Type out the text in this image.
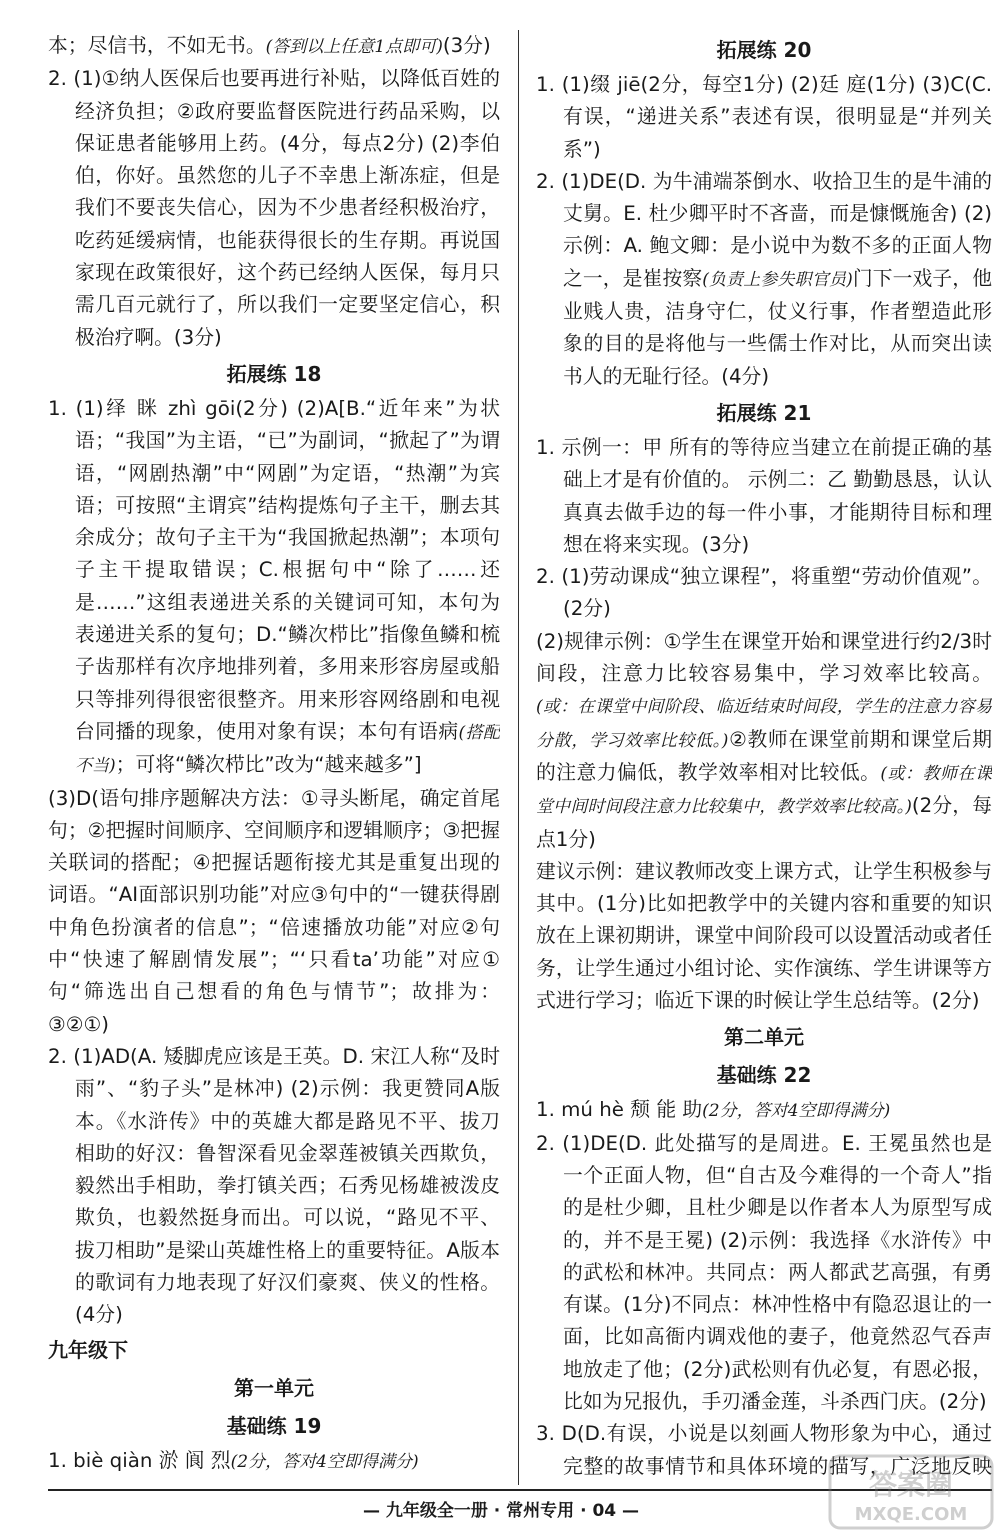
本；尽信书，不如无书。(答到以上任意1点即可)(3分)
2. (1)①纳人医保后也要再进行补贴，以降低百姓的经济负担；②政府要监督医院进行药品采购，以保证患者能够用上药。(4分，每点2分) (2)李伯伯，你好。虽然您的儿子不幸患上渐冻症，但是我们不要丧失信心，因为不少患者经积极治疗，吃药延缓病情，也能获得很长的生存期。再说国家现在政策很好，这个药已经纳人医保，每月只需几百元就行了，所以我们一定要坚定信心，积极治疗啊。(3分)
拓展练 18
1. (1)绎 眯 zhì gōi(2分) (2)A[B.“近年来”为状语；“我国”为主语，“已”为副词，“掀起了”为谓语，“网剧热潮”中“网剧”为定语，“热潮”为宾语；可按照“主谓宾”结构提炼句子主干，删去其余成分；故句子主干为“我国掀起热潮”；本项句子主干提取错误；C.根据句中“除了……还是……”这组表递进关系的关键词可知，本句为表递进关系的复句；D.“鳞次栉比”指像鱼鳞和梳子齿那样有次序地排列着，多用来形容房屋或船只等排列得很密很整齐。用来形容网络剧和电视台同播的现象，使用对象有误；本句有语病(搭配不当)；可将“鳞次栉比”改为“越来越多”]
(3)D(语句排序题解决方法：①寻头断尾，确定首尾句；②把握时间顺序、空间顺序和逻辑顺序；③把握关联词的搭配；④把握话题衔接尤其是重复出现的词语。“AI面部识别功能”对应③句中的“一键获得剧中角色扮演者的信息”；“倍速播放功能”对应②句中“快速了解剧情发展”；“‘只看ta’功能”对应①句“筛选出自己想看的角色与情节”；故排为：③②①)
2. (1)AD(A. 矮脚虎应该是王英。D. 宋江人称“及时雨”、“豹子头”是林冲) (2)示例：我更赞同A版本。《水浒传》中的英雄大都是路见不平、拔刀相助的好汉：鲁智深看见金翠莲被镇关西欺负，毅然出手相助，拳打镇关西；石秀见杨雄被泼皮欺负，也毅然挺身而出。可以说，“路见不平、拔刀相助”是梁山英雄性格上的重要特征。A版本的歌词有力地表现了好汉们豪爽、侠义的性格。(4分)
九年级下
第一单元
基础练 19
1. biè qiàn 淤 阆 烈(2分，答对4空即得满分)
拓展练 20
1. (1)缀 jiē(2分，每空1分) (2)廷 庭(1分) (3)C(C. 有误，“递进关系”表述有误，很明显是“并列关系”)
2. (1)DE(D. 为牛浦端茶倒水、收拾卫生的是牛浦的丈舅。E. 杜少卿平时不吝啬，而是慷慨施舍) (2)示例：A. 鲍文卿：是小说中为数不多的正面人物之一，是崔按察(负责上参失职官员)门下一戏子，他业贱人贵，洁身守仁，仗义行事，作者塑造此形象的目的是将他与一些儒士作对比，从而突出读书人的无耻行径。(4分)
拓展练 21
1. 示例一：甲 所有的等待应当建立在前提正确的基础上才是有价值的。 示例二：乙 勤勤恳恳，认认真真去做手边的每一件小事，才能期待目标和理想在将来实现。(3分)
2. (1)劳动课成“独立课程”，将重塑“劳动价值观”。(2分)
(2)规律示例：①学生在课堂开始和课堂进行约2/3时间段，注意力比较容易集中，学习效率比较高。(或：在课堂中间阶段、临近结束时间段，学生的注意力容易分散，学习效率比较低。)②教师在课堂前期和课堂后期的注意力偏低，教学效率相对比较低。(或：教师在课堂中间时间段注意力比较集中，教学效率比较高。)(2分，每点1分)
建议示例：建议教师改变上课方式，让学生积极参与其中。(1分)比如把教学中的关键内容和重要的知识放在上课初期讲，课堂中间阶段可以设置活动或者任务，让学生通过小组讨论、实作演练、学生讲课等方式进行学习；临近下课的时候让学生总结等。(2分)
第二单元
基础练 22
1. mú hè 颓 能 助(2分，答对4空即得满分)
2. (1)DE(D. 此处描写的是周进。E. 王冕虽然也是一个正面人物，但“自古及今难得的一个奇人”指的是杜少卿，且杜少卿是以作者本人为原型写成的，并不是王冕) (2)示例：我选择《水浒传》中的武松和林冲。共同点：两人都武艺高强，有勇有谋。(1分)不同点：林冲性格中有隐忍退让的一面，比如高衙内调戏他的妻子，他竟然忍气吞声地放走了他；(2分)武松则有仇必复，有恩必报，比如为兄报仇，手刃潘金莲，斗杀西门庆。(2分)
3. D(D.有误，小说是以刻画人物形象为中心，通过完整的故事情节和具体环境的描写，广泛地反映
— 九年级全一册 · 常州专用 · 04 —
答案圈
MXQE.COM
